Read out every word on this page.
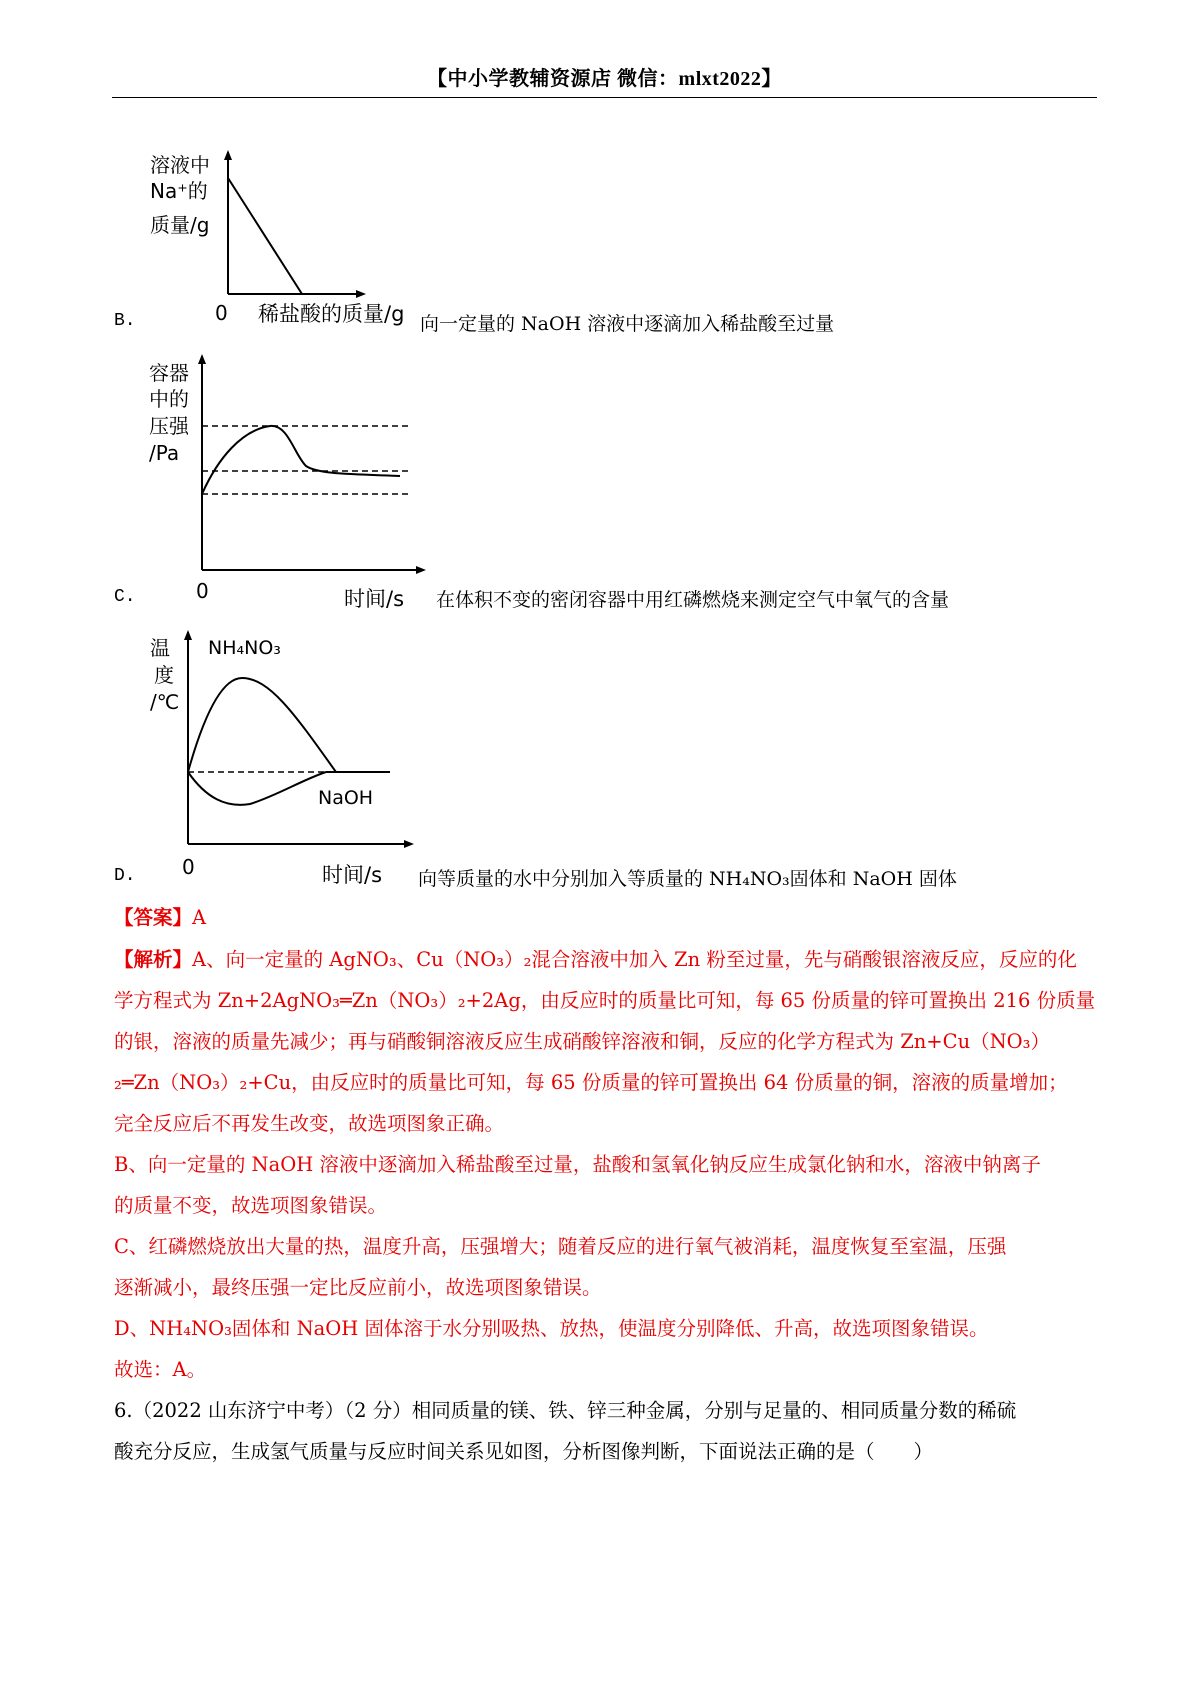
【中小学教辅资源店 微信：mlxt2022】
B.
溶液中
Na⁺的
质量/g
0 稀盐酸的质量/g 向一定量的 NaOH 溶液中逐滴加入稀盐酸至过量
C.
容器
中的
压强
/Pa
0	时间/s 在体积不变的密闭容器中用红磷燃烧来测定空气中氧气的含量
D.
温
度
/℃
NH₄NO₃
NaOH
0	时间/s 向等质量的水中分别加入等质量的 NH₄NO₃固体和 NaOH 固体
【答案】A
【解析】A、向一定量的 AgNO₃、Cu（NO₃）₂混合溶液中加入 Zn 粉至过量，先与硝酸银溶液反应，反应的化
学方程式为 Zn+2AgNO₃═Zn（NO₃）₂+2Ag，由反应时的质量比可知，每 65 份质量的锌可置换出 216 份质量
的银，溶液的质量先减少；再与硝酸铜溶液反应生成硝酸锌溶液和铜，反应的化学方程式为 Zn+Cu（NO₃）
₂═Zn（NO₃）₂+Cu，由反应时的质量比可知，每 65 份质量的锌可置换出 64 份质量的铜，溶液的质量增加；
完全反应后不再发生改变，故选项图象正确。
B、向一定量的 NaOH 溶液中逐滴加入稀盐酸至过量，盐酸和氢氧化钠反应生成氯化钠和水，溶液中钠离子
的质量不变，故选项图象错误。
C、红磷燃烧放出大量的热，温度升高，压强增大；随着反应的进行氧气被消耗，温度恢复至室温，压强
逐渐减小，最终压强一定比反应前小，故选项图象错误。
D、NH₄NO₃固体和 NaOH 固体溶于水分别吸热、放热，使温度分别降低、升高，故选项图象错误。
故选：A。
6.（2022 山东济宁中考）（2 分）相同质量的镁、铁、锌三种金属，分别与足量的、相同质量分数的稀硫
酸充分反应，生成氢气质量与反应时间关系见如图，分析图像判断，下面说法正确的是（　　）
